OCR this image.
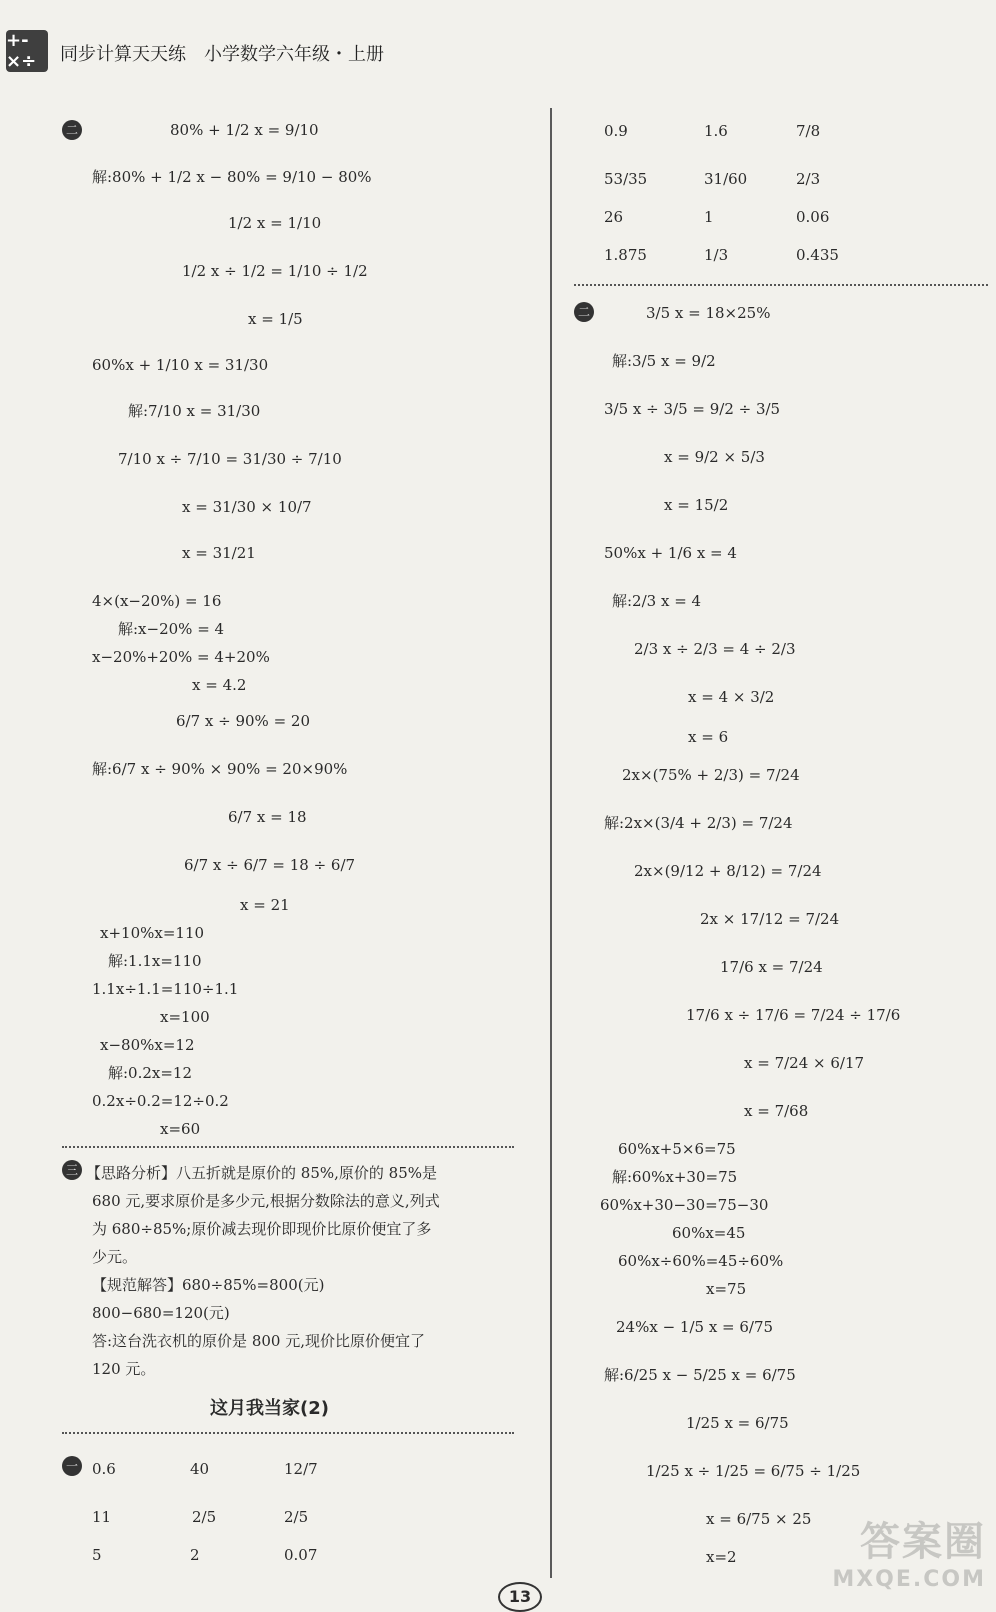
+-×÷	同步计算天天练　小学数学六年级・上册
二	80% + 1/2 x = 9/10
解:80% + 1/2 x − 80% = 9/10 − 80%
1/2 x = 1/10
1/2 x ÷ 1/2 = 1/10 ÷ 1/2
x = 1/5
60%x + 1/10 x = 31/30
解:7/10 x = 31/30
7/10 x ÷ 7/10 = 31/30 ÷ 7/10
x = 31/30 × 10/7
x = 31/21
4×(x−20%) = 16
解:x−20% = 4
x−20%+20% = 4+20%
x = 4.2
6/7 x ÷ 90% = 20
解:6/7 x ÷ 90% × 90% = 20×90%
6/7 x = 18
6/7 x ÷ 6/7 = 18 ÷ 6/7
x = 21
x+10%x=110
解:1.1x=110
1.1x÷1.1=110÷1.1
x=100
x−80%x=12
解:0.2x=12
0.2x÷0.2=12÷0.2
x=60
三 【思路分析】八五折就是原价的 85%,原价的 85%是
680 元,要求原价是多少元,根据分数除法的意义,列式
为 680÷85%;原价减去现价即现价比原价便宜了多
少元。
【规范解答】680÷85%=800(元)
800−680=120(元)
答:这台洗衣机的原价是 800 元,现价比原价便宜了
120 元。
这月我当家(2)
一 0.6	40	12/7
11	2/5	2/5
5	2	0.07
0.9	1.6	7/8
53/35	31/60	2/3
26	1	0.06
1.875	1/3	0.435
二	3/5 x = 18×25%
解:3/5 x = 9/2
3/5 x ÷ 3/5 = 9/2 ÷ 3/5
x = 9/2 × 5/3
x = 15/2
50%x + 1/6 x = 4
解:2/3 x = 4
2/3 x ÷ 2/3 = 4 ÷ 2/3
x = 4 × 3/2
x = 6
2x×(75% + 2/3) = 7/24
解:2x×(3/4 + 2/3) = 7/24
2x×(9/12 + 8/12) = 7/24
2x × 17/12 = 7/24
17/6 x = 7/24
17/6 x ÷ 17/6 = 7/24 ÷ 17/6
x = 7/24 × 6/17
x = 7/68
60%x+5×6=75
解:60%x+30=75
60%x+30−30=75−30
60%x=45
60%x÷60%=45÷60%
x=75
24%x − 1/5 x = 6/75
解:6/25 x − 5/25 x = 6/75
1/25 x = 6/75
1/25 x ÷ 1/25 = 6/75 ÷ 1/25
x = 6/75 × 25
x=2
13
答案圈
MXQE.COM
